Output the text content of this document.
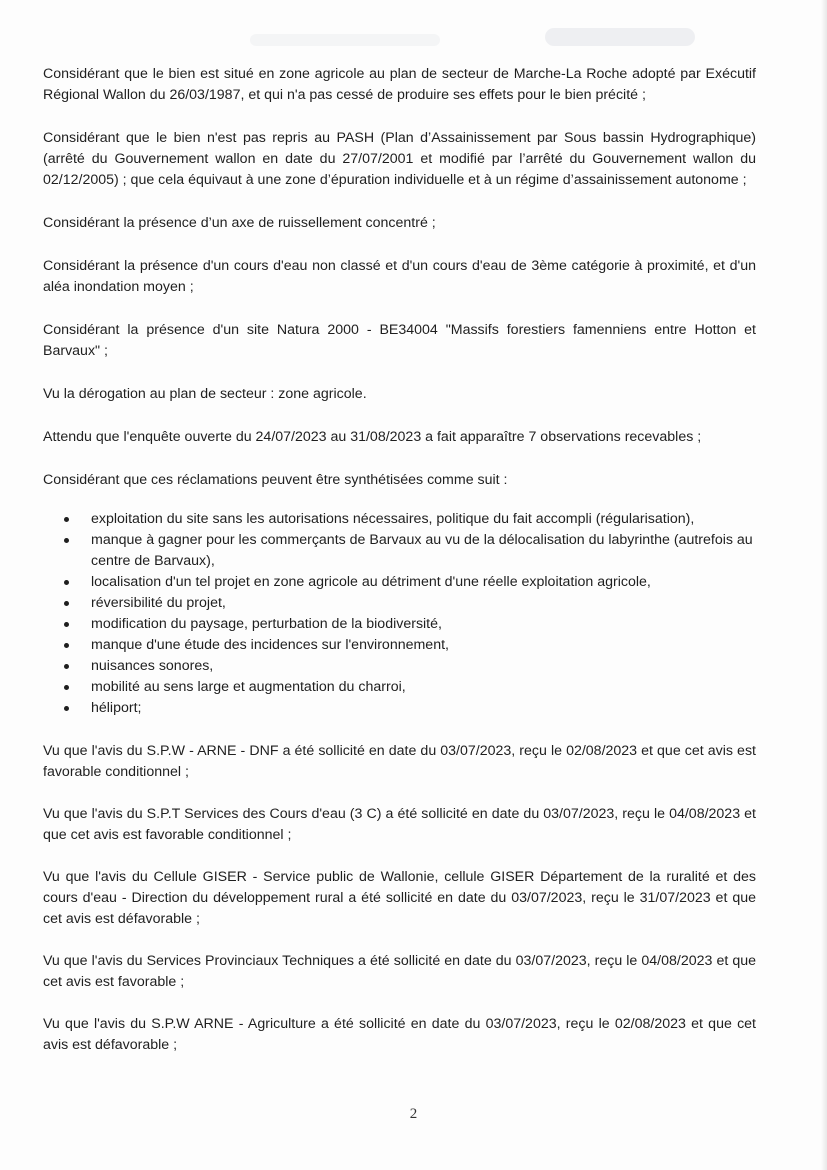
Considérant que le bien est situé en zone agricole au plan de secteur de Marche-La Roche adopté par Exécutif Régional Wallon du 26/03/1987, et qui n'a pas cessé de produire ses effets pour le bien précité ;

Considérant que le bien n'est pas repris au PASH (Plan d’Assainissement par Sous bassin Hydrographique) (arrêté du Gouvernement wallon en date du 27/07/2001 et modifié par l’arrêté du Gouvernement wallon du 02/12/2005) ; que cela équivaut à une zone d’épuration individuelle et à un régime d’assainissement autonome ;

Considérant la présence d’un axe de ruissellement concentré ;

Considérant la présence d'un cours d'eau non classé et d'un cours d'eau de 3ème catégorie à proximité, et d'un aléa inondation moyen ;

Considérant la présence d'un site Natura 2000 - BE34004 "Massifs forestiers famenniens entre Hotton et Barvaux" ;

Vu la dérogation au plan de secteur : zone agricole.

Attendu que l'enquête ouverte du 24/07/2023 au 31/08/2023 a fait apparaître 7 observations recevables ;

Considérant que ces réclamations peuvent être synthétisées comme suit :

exploitation du site sans les autorisations nécessaires, politique du fait accompli (régularisation),
manque à gagner pour les commerçants de Barvaux au vu de la délocalisation du labyrinthe (autrefois au centre de Barvaux),
localisation d'un tel projet en zone agricole au détriment d'une réelle exploitation agricole,
réversibilité du projet,
modification du paysage, perturbation de la biodiversité,
manque d'une étude des incidences sur l'environnement,
nuisances sonores,
mobilité au sens large et augmentation du charroi,
héliport;

Vu que l'avis du S.P.W - ARNE - DNF a été sollicité en date du 03/07/2023, reçu le 02/08/2023 et que cet avis est favorable conditionnel ;

Vu que l'avis du S.P.T Services des Cours d'eau (3 C) a été sollicité en date du 03/07/2023, reçu le 04/08/2023 et que cet avis est favorable conditionnel ;

Vu que l'avis du Cellule GISER - Service public de Wallonie, cellule GISER Département de la ruralité et des cours d'eau - Direction du développement rural a été sollicité en date du 03/07/2023, reçu le 31/07/2023 et que cet avis est défavorable ;

Vu que l'avis du Services Provinciaux Techniques a été sollicité en date du 03/07/2023, reçu le 04/08/2023 et que cet avis est favorable ;

Vu que l'avis du S.P.W ARNE - Agriculture a été sollicité en date du 03/07/2023, reçu le 02/08/2023 et que cet avis est défavorable ;

2
